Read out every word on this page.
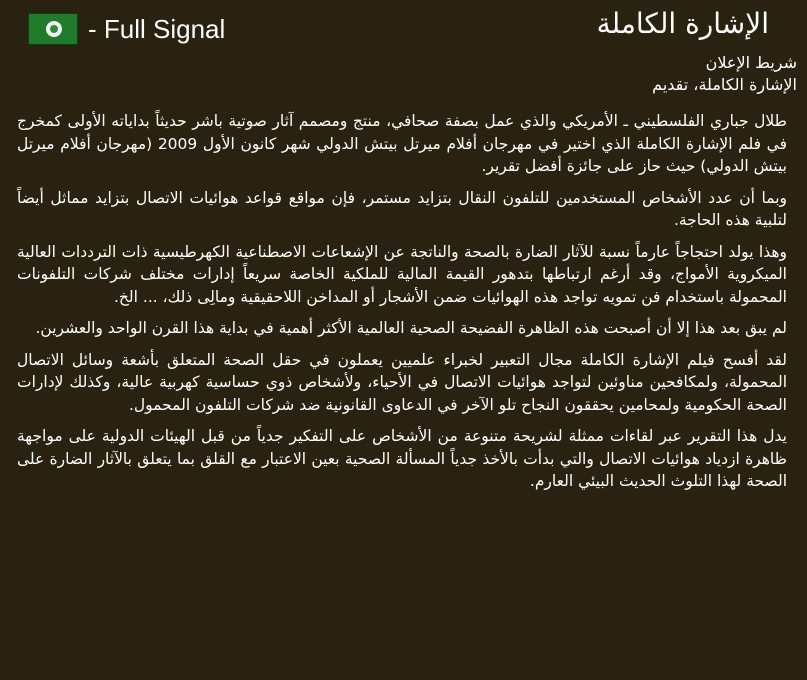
- Full Signal	الإشارة الكاملة
شريط الإعلان
الإشارة الكاملة، تقديم

طلال جباري الفلسطيني ـ الأمريكي والذي عمل بصفة صحافي، منتج ومصمم آثار صوتية باشر حديثاً بداياته الأولى كمخرج في فلم الإشارة الكاملة الذي اختير في مهرجان أفلام ميرتل بيتش الدولي شهر كانون الأول 2009 (مهرجان أفلام ميرتل بيتش الدولي) حيث حاز على جائزة أفضل تقرير.

وبما أن عدد الأشخاص المستخدمين للتلفون النقال بتزايد مستمر، فإن مواقع قواعد هوائيات الاتصال بتزايد مماثل أيضاً لتلبية هذه الحاجة.

وهذا يولد احتجاجاً عارماً نسبة للآثار الضارة بالصحة والناتجة عن الإشعاعات الاصطناعية الكهرطيسية ذات الترددات العالية الميكروية الأمواج، وقد أرغم ارتباطها بتدهور القيمة المالية للملكية الخاصة سريعاً إدارات مختلف شركات التلفونات المحمولة باستخدام فن تمويه تواجد هذه الهوائيات ضمن الأشجار أو المداخن اللاحقيقية ومالِى ذلك، ... الخ.

لم يبق بعد هذا إلا أن أصبحت هذه الظاهرة الفضيحة الصحية العالمية الأكثر أهمية في بداية هذا القرن الواحد والعشرين.

لقد أفسح فيلم الإشارة الكاملة مجال التعبير لخبراء علميين يعملون في حقل الصحة المتعلق بأشعة وسائل الاتصال المحمولة، ولمكافحين مناوئين لتواجد هوائيات الاتصال في الأحياء، ولأشخاص ذوي حساسية كهربية عالية، وكذلك لإدارات الصحة الحكومية ولمحامين يحققون النجاح تلو الآخر في الدعاوى القانونية ضد شركات التلفون المحمول.

يدل هذا التقرير عبر لقاءات ممثلة لشريحة متنوعة من الأشخاص على التفكير جدياً من قبل الهيئات الدولية على مواجهة ظاهرة ازدياد هوائيات الاتصال والتي بدأت بالأخذ جدياً المسألة الصحية بعين الاعتبار مع القلق بما يتعلق بالآثار الضارة على الصحة لهذا التلوث الحديث البيئي العارم.
